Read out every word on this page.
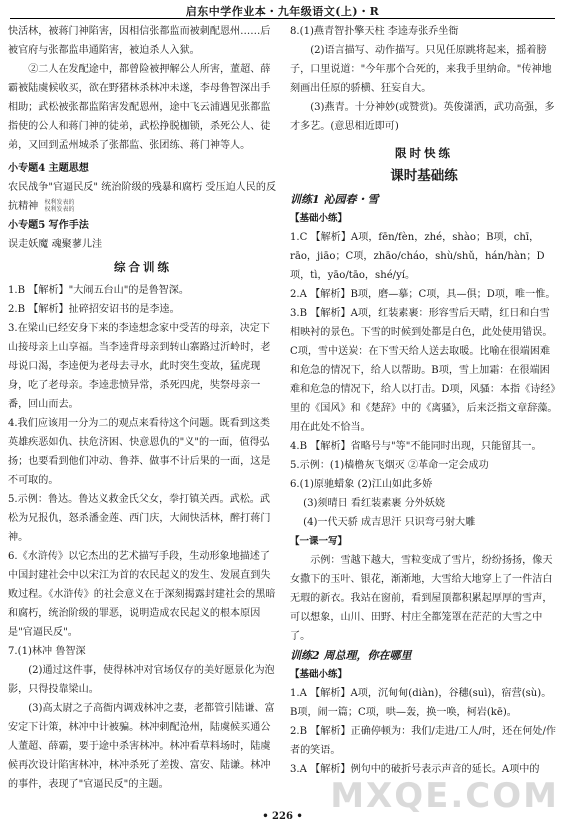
启东中学作业本・九年级语文(上)・R

快活林，被蒋门神陷害，因相信张都监而被刺配恩州……后被官府与张都监串通陷害，被迫杀人入狱。

②二人在发配途中，都曾险被押解公人所害，董超、薛霸被陆虞候收买，欲在野猪林杀林冲未遂，李母鲁智深出手相助；武松被张都监陷害发配恩州，途中飞云浦遇见张都监指使的公人和蒋门神的徒弟，武松挣脱枷锁，杀死公人、徒弟，又回到孟州城杀了张都监、张团练、蒋门神等人。

小专题4 主题思想

农民战争"官逼民反" 统治阶级的残暴和腐朽 受压迫人民的反抗精神 权利发表的
权利发表的

小专题5 写作手法

误走妖魔 魂聚蓼儿洼

综合训练

1.B 【解析】"大闹五台山"的是鲁智深。

2.B 【解析】扯碎招安诏书的是李逵。

3.在梁山已经安身下来的李逵想念家中受苦的母亲，决定下山接母亲上山享福。当李逵背母亲到转山寨路过沂岭时，老母说口渴，李逵便为老母去寻水，此时突生变故，猛虎现身，吃了老母亲。李逵悲愤异常，杀死四虎，奘祭母亲一番，回山而去。

4.我们应该用一分为二的观点来看待这个问题。既看到这类英雄疾恶如仇、扶危济困、快意恩仇的"义"的一面，值得弘扬；也要看到他们冲动、鲁莽、做事不计后果的一面，这是不可取的。

5.示例：鲁达。鲁达义救金氏父女，拳打镇关西。武松。武松为兄报仇，怒杀潘金莲、西门庆，大闹快活林，醉打蒋门神。

6.《水浒传》以它杰出的艺术描写手段，生动形象地描述了中国封建社会中以宋江为首的农民起义的发生、发展直到失败过程。《水浒传》的社会意义在于深刻揭露封建社会的黑暗和腐朽，统治阶级的罪恶，说明造成农民起义的根本原因是"官逼民反"。

7.(1)林冲 鲁智深

(2)通过这件事，使得林冲对官场仅存的美好愿景化为泡影，只得投靠梁山。

(3)高太尉之子高衙内调戏林冲之妻，老都管引陆谦、富安定下计策，林冲中计被骗。林冲刺配沧州，陆虞候买通公人董超、薛霸，要于途中杀害林冲。林冲看草料场时，陆虞候再次设计陷害林冲，林冲杀死了差拨、富安、陆谦。林冲的事件，表现了"官逼民反"的主题。

8.(1)燕青智扑擎天柱 李逵寿张乔坐衙

(2)语言描写、动作描写。只见任原跳将起来，摇着膀子，口里说道："今年那个合死的，来我手里纳命。"传神地刻画出任原的骄横、狂妄自大。

(3)燕青。十分神妙(或赞赏)。英俊潇洒，武功高强，多才多艺。(意思相近即可)

限时快练
课时基础练

训练1 沁园春・雪

【基础小练】

1.C 【解析】A项，fēn/fèn，zhé，shào；B项，chī，rāo，jiāo；C项，zhāo/cháo，shù/shǔ，hán/hàn；D项，tì，yāo/tāo，shé/yí。

2.A 【解析】B项，磨—摹；C项，具—俱；D项，唯一惟。

3.B 【解析】A项，红装素裹：形容雪后天晴，红日和白雪相映衬的景色。下雪的时候到处都是白色，此处使用错误。C项，雪中送炭：在下雪天给人送去取暖。比喻在很端困难和危急的情况下，给人以帮助。B项，雪上加霜：在很端困难和危急的情况下，给人以打击。D项，风骚：本指《诗经》里的《国风》和《楚辞》中的《离骚》，后来泛指文章辞藻。用在此处不恰当。

4.B 【解析】省略号与"等"不能同时出现，只能留其一。

5.示例：(1)樯橹灰飞烟灭 ②革命一定会成功

6.(1)原驰蜡象 (2)江山如此多娇

(3)须晴日 看红装素裹 分外妖娆

(4)一代天骄 成吉思汗 只识弯弓射大雕

【一课一写】

示例：雪越下越大，雪粒变成了雪片，纷纷扬扬，像天女撒下的玉叶、银花，渐渐地，大雪给大地穿上了一件洁白无瑕的新衣。我站在窗前，看到屋顶都积累起厚厚的雪声，可以想象，山川、田野、村庄全都笼罩在茫茫的大雪之中了。

训练2 周总理，你在哪里

【基础小练】

1.A 【解析】A项，沉甸甸(diàn)，谷穗(suì)，宿营(sù)。B项，闹一篇；C项，哄—轰，换一唤，柯岩(kē)。

2.B 【解析】正确停顿为：我们/走进/工人/时，还在何处/作者的笑语。

3.A 【解析】例句中的破折号表示声音的延长。A项中的

• 226 •
MXQE.COM
